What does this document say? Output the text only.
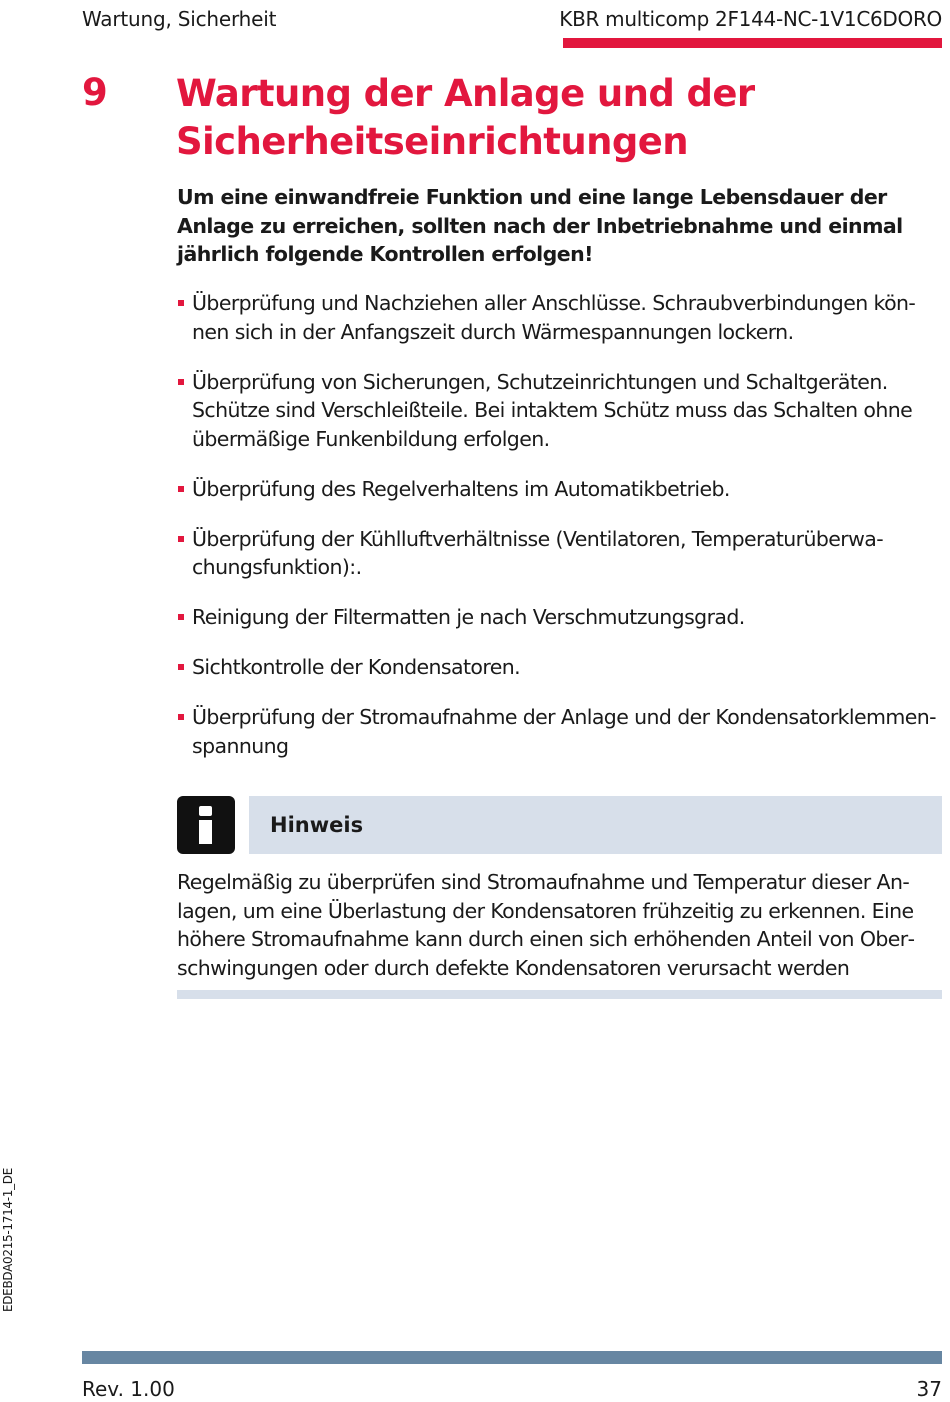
Wartung, Sicherheit	KBR multicomp 2F144-NC-1V1C6DORO
9 Wartung der Anlage und der Sicherheitseinrichtungen
Um eine einwandfreie Funktion und eine lange Lebensdauer der Anlage zu erreichen, sollten nach der Inbetriebnahme und einmal jährlich folgende Kontrollen erfolgen!
Überprüfung und Nachziehen aller Anschlüsse. Schraubverbindungen können sich in der Anfangszeit durch Wärmespannungen lockern.
Überprüfung von Sicherungen, Schutzeinrichtungen und Schaltgeräten. Schütze sind Verschleißteile. Bei intaktem Schütz muss das Schalten ohne übermäßige Funkenbildung erfolgen.
Überprüfung des Regelverhaltens im Automatikbetrieb.
Überprüfung der Kühlluftverhältnisse (Ventilatoren, Temperaturüberwachungsfunktion):.
Reinigung der Filtermatten je nach Verschmutzungsgrad.
Sichtkontrolle der Kondensatoren.
Überprüfung der Stromaufnahme der Anlage und der Kondensatorklemmenspannung
Hinweis
Regelmäßig zu überprüfen sind Stromaufnahme und Temperatur dieser Anlagen, um eine Überlastung der Kondensatoren frühzeitig zu erkennen. Eine höhere Stromaufnahme kann durch einen sich erhöhenden Anteil von Oberschwingungen oder durch defekte Kondensatoren verursacht werden
EDEBDA0215-1714-1_DE
Rev. 1.00	37
